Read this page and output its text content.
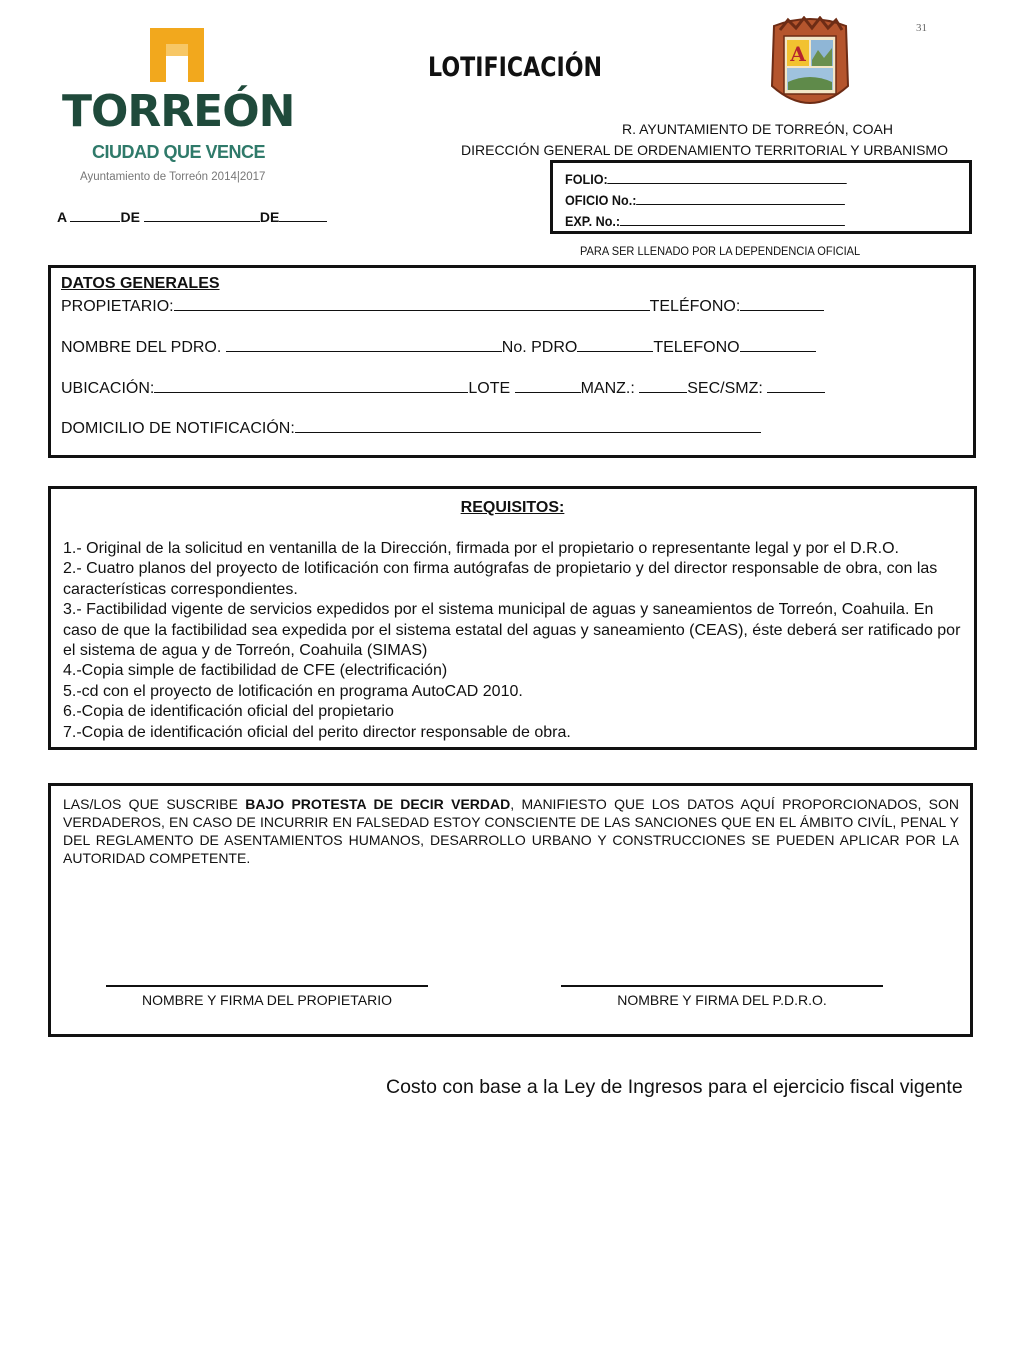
31
TORREÓN
CIUDAD QUE VENCE
Ayuntamiento de Torreón 2014|2017
LOTIFICACIÓN	A
R. AYUNTAMIENTO DE TORREÓN, COAH
DIRECCIÓN GENERAL DE ORDENAMIENTO TERRITORIAL Y URBANISMO
A	DE	DE
FOLIO:
OFICIO No.:
EXP. No.:
PARA SER LLENADO POR LA DEPENDENCIA OFICIAL
DATOS GENERALES
PROPIETARIO:	TELÉFONO:
NOMBRE DEL PDRO.	No. PDRO	TELEFONO
UBICACIÓN:	LOTE	MANZ.:	SEC/SMZ:
DOMICILIO DE NOTIFICACIÓN:
REQUISITOS:
1.- Original de la solicitud en ventanilla de la Dirección, firmada por el propietario o representante legal y por el D.R.O.
2.- Cuatro planos del proyecto de lotificación con firma autógrafas de propietario y del director responsable de obra, con las características correspondientes.
3.- Factibilidad vigente de servicios expedidos por el sistema municipal de aguas y saneamientos de Torreón, Coahuila. En caso de que la factibilidad sea expedida por el sistema estatal del aguas y saneamiento (CEAS), éste deberá ser ratificado por el sistema de agua y de Torreón, Coahuila (SIMAS)
4.-Copia simple de factibilidad de CFE (electrificación)
5.-cd con el proyecto de lotificación en programa AutoCAD 2010.
6.-Copia de identificación oficial del propietario
7.-Copia de identificación oficial del perito director responsable de obra.
LAS/LOS QUE SUSCRIBE BAJO PROTESTA DE DECIR VERDAD, MANIFIESTO QUE LOS DATOS AQUÍ PROPORCIONADOS, SON VERDADEROS, EN CASO DE INCURRIR EN FALSEDAD ESTOY CONSCIENTE DE LAS SANCIONES QUE EN EL ÁMBITO CIVÍL, PENAL Y DEL REGLAMENTO DE ASENTAMIENTOS HUMANOS, DESARROLLO URBANO Y CONSTRUCCIONES SE PUEDEN APLICAR POR LA AUTORIDAD COMPETENTE.
NOMBRE Y FIRMA DEL PROPIETARIO	NOMBRE Y FIRMA DEL P.D.R.O.
Costo con base a la Ley de Ingresos para el ejercicio fiscal vigente
